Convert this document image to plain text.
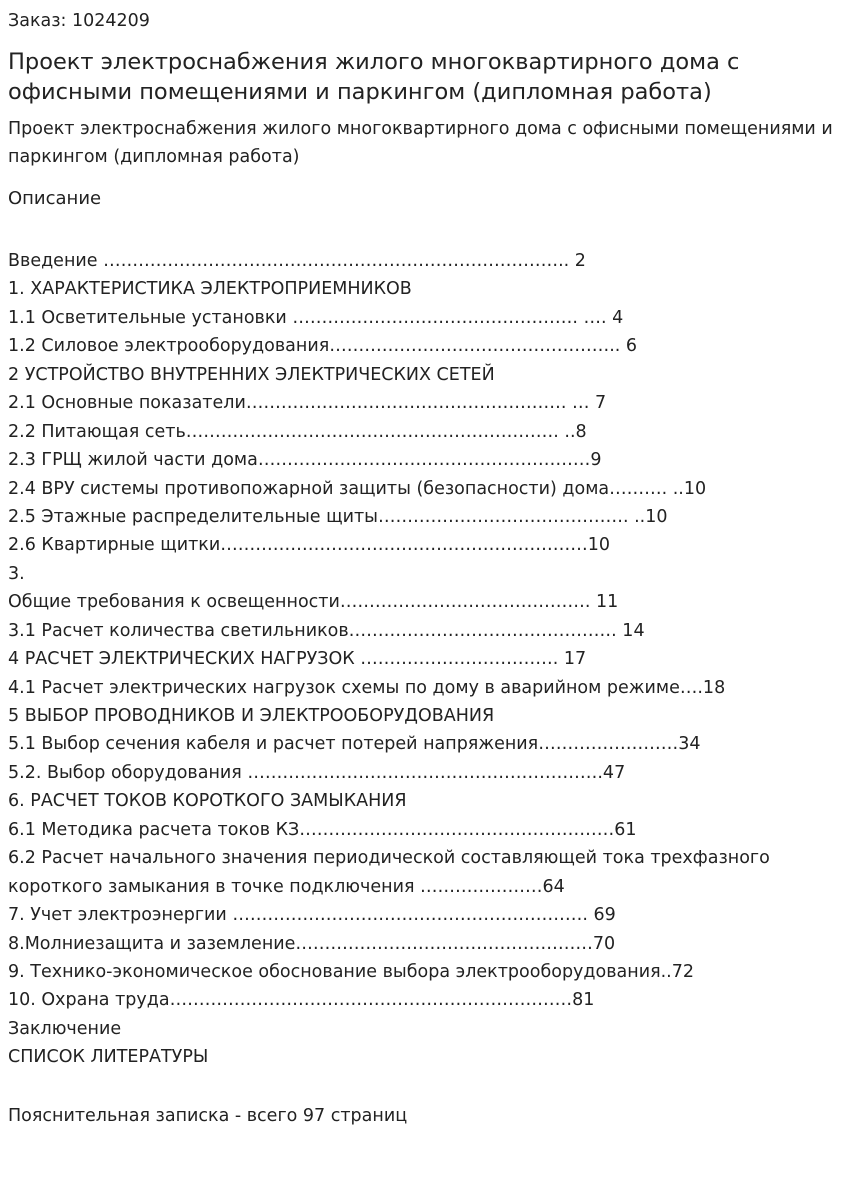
Заказ: 1024209

Проект электроснабжения жилого многоквартирного дома с офисными помещениями и паркингом (дипломная работа)

Проект электроснабжения жилого многоквартирного дома с офисными помещениями и паркингом (дипломная работа)

Описание
Введение …………………………………………………………………….. 2
1. ХАРАКТЕРИСТИКА ЭЛЕКТРОПРИЕМНИКОВ
1.1 Осветительные установки …………………………………………. …. 4
1.2 Силовое электрооборудования………………………………………….. 6
2 УСТРОЙСТВО ВНУТРЕННИХ ЭЛЕКТРИЧЕСКИХ СЕТЕЙ
2.1 Основные показатели………………………………………………. … 7
2.2 Питающая сеть………………………………………………………. ..8
2.3 ГРЩ жилой части дома…………………………………………………9
2.4 ВРУ системы противопожарной защиты (безопасности) дома………. ..10
2.5 Этажные распределительные щиты……………………………………. ..10
2.6 Квартирные щитки………………………………………………………10
3.
Общие требования к освещенности……………………………………. 11
3.1 Расчет количества светильников………………………………………. 14
4 РАСЧЕТ ЭЛЕКТРИЧЕСКИХ НАГРУЗОК ……………………………. 17
4.1 Расчет электрических нагрузок схемы по дому в аварийном режиме….18
5 ВЫБОР ПРОВОДНИКОВ И ЭЛЕКТРООБОРУДОВАНИЯ
5.1 Выбор сечения кабеля и расчет потерей напряжения……………………34
5.2. Выбор оборудования …………………………………………………….47
6. РАСЧЕТ ТОКОВ КОРОТКОГО ЗАМЫКАНИЯ
6.1 Методика расчета токов КЗ………………………………………………61
6.2 Расчет начального значения периодической составляющей тока трехфазного короткого замыкания в точке подключения …………………64
7. Учет электроэнергии ……………………………………………………. 69
8.Молниезащита и заземление……………………………………………70
9. Технико-экономическое обоснование выбора электрооборудования..72
10. Охрана труда……………………………………………………………81
Заключение
СПИСОК ЛИТЕРАТУРЫ

Пояснительная записка - всего 97 страниц
